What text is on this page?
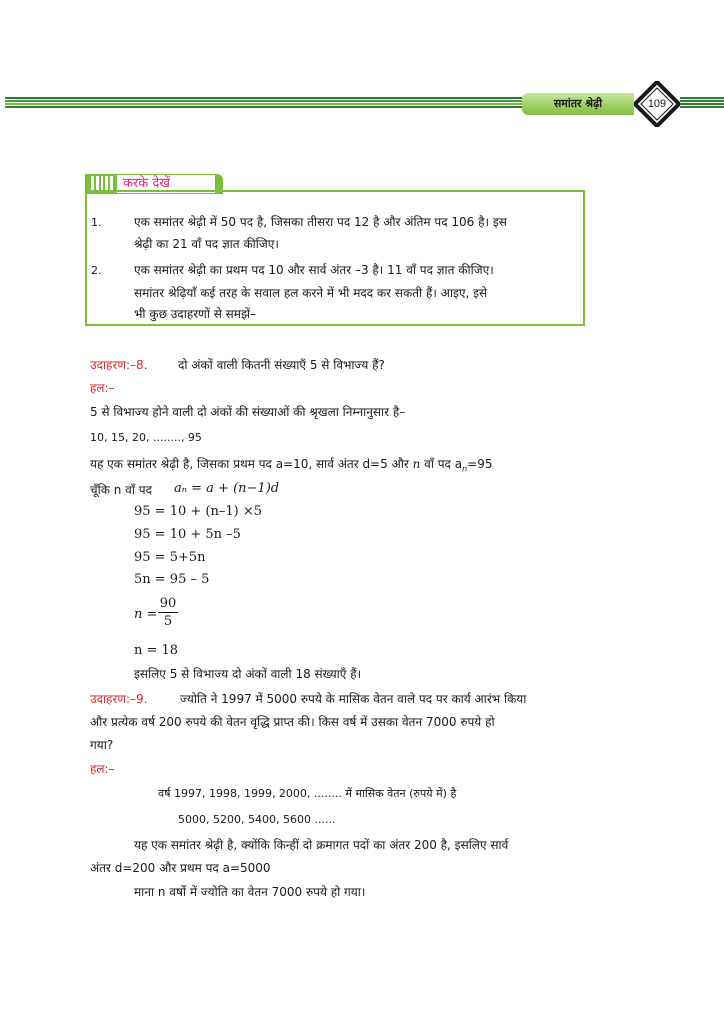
समांतर श्रेढ़ी	109
करके देखें
1.	एक समांतर श्रेढ़ी में 50 पद है, जिसका तीसरा पद 12 है और अंतिम पद 106 है। इस
श्रेढ़ी का 21 वाँ पद ज्ञात कीजिए।
2.	एक समांतर श्रेढ़ी का प्रथम पद 10 और सार्व अंतर –3 है। 11 वाँ पद ज्ञात कीजिए।
समांतर श्रेढ़ियाँ कई तरह के सवाल हल करने में भी मदद कर सकती हैं। आइए, इसे
भी कुछ उदाहरणों से समझें–
उदाहरण:–8.	दो अंकों वाली कितनी संख्याएँ 5 से विभाज्य हैं?
हल:–
5 से विभाज्य होने वाली दो अंकों की संख्याओं की श्रृखला निम्नानुसार है–
10, 15, 20, ........, 95
यह एक समांतर श्रेढ़ी है, जिसका प्रथम पद a=10, सार्व अंतर d=5 और n वाँ पद $a_n=95$
चूँकि n वाँ पद aₙ = a + (n−1)d
95 = 10 + (n–1) ×5
95 = 10 + 5n –5
95 = 5+5n
5n = 95 – 5
n =
90
5
n = 18
इसलिए 5 से विभाज्य दो अंकों वाली 18 संख्याएँ हैं।
उदाहरण:–9.	ज्योति ने 1997 में 5000 रुपये के मासिक वेतन वाले पद पर कार्य आरंभ किया
और प्रत्येक वर्ष 200 रुपये की वेतन वृद्धि प्राप्त की। किस वर्ष में उसका वेतन 7000 रुपये हो
गया?
हल:–
वर्ष 1997, 1998, 1999, 2000, ........ में मासिक वेतन (रुपये में) है
5000, 5200, 5400, 5600 ......
यह एक समांतर श्रेढ़ी है, क्योंकि किन्हीं दो क्रमागत पदों का अंतर 200 है, इसलिए सार्व
अंतर d=200 और प्रथम पद a=5000
माना n वर्षो में ज्योति का वेतन 7000 रुपये हो गया।
